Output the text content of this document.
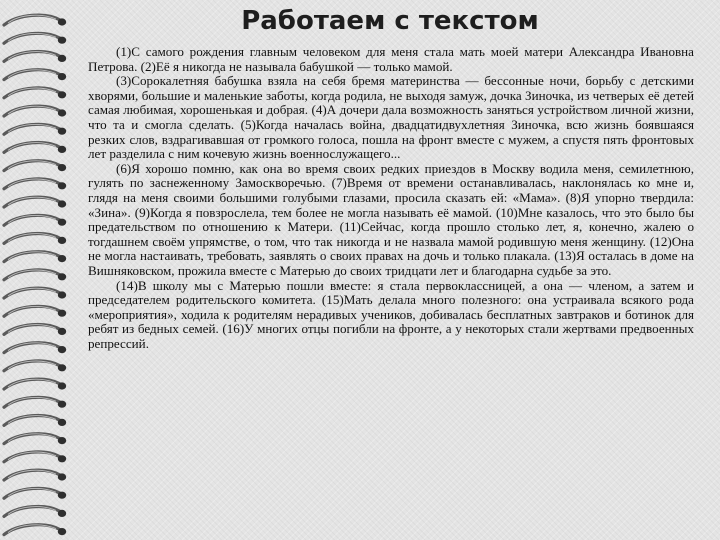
Работаем с текстом

(1)С самого рождения главным человеком для меня стала мать моей матери Александра Ивановна Петрова. (2)Её я никогда не называла бабушкой — только мамой.

(3)Сорокалетняя бабушка взяла на себя бремя материнства — бессонные ночи, борьбу с детскими хворями, большие и маленькие заботы, когда родила, не выходя замуж, дочка Зиночка, из четверых её детей самая любимая, хорошенькая и добрая. (4)А дочери дала возможность заняться устройством личной жизни, что та и смогла сделать. (5)Когда началась война, двадцатидвухлетняя Зиночка, всю жизнь боявшаяся резких слов, вздрагивавшая от громкого голоса, пошла на фронт вместе с мужем, а спустя пять фронтовых лет разделила с ним кочевую жизнь военнослужащего...

(6)Я хорошо помню, как она во время своих редких приездов в Москву водила меня, семилетнюю, гулять по заснеженному Замоскворечью. (7)Время от времени останавливалась, наклонялась ко мне и, глядя на меня своими большими голубыми глазами, просила сказать ей: «Мама». (8)Я упорно твердила: «Зина». (9)Когда я повзрослела, тем более не могла называть её мамой. (10)Мне казалось, что это было бы предательством по отношению к Матери. (11)Сейчас, когда прошло столько лет, я, конечно, жалею о тогдашнем своём упрямстве, о том, что так никогда и не назвала мамой родившую меня женщину. (12)Она не могла настаивать, требовать, заявлять о своих правах на дочь и только плакала. (13)Я осталась в доме на Вишняковском, прожила вместе с Матерью до своих тридцати лет и благодарна судьбе за это.

(14)В школу мы с Матерью пошли вместе: я стала первоклассницей, а она — членом, а затем и председателем родительского комитета. (15)Мать делала много полезного: она устраивала всякого рода «мероприятия», ходила к родителям нерадивых учеников, добивалась бесплатных завтраков и ботинок для ребят из бедных семей. (16)У многих отцы погибли на фронте, а у некоторых стали жертвами предвоенных репрессий.
